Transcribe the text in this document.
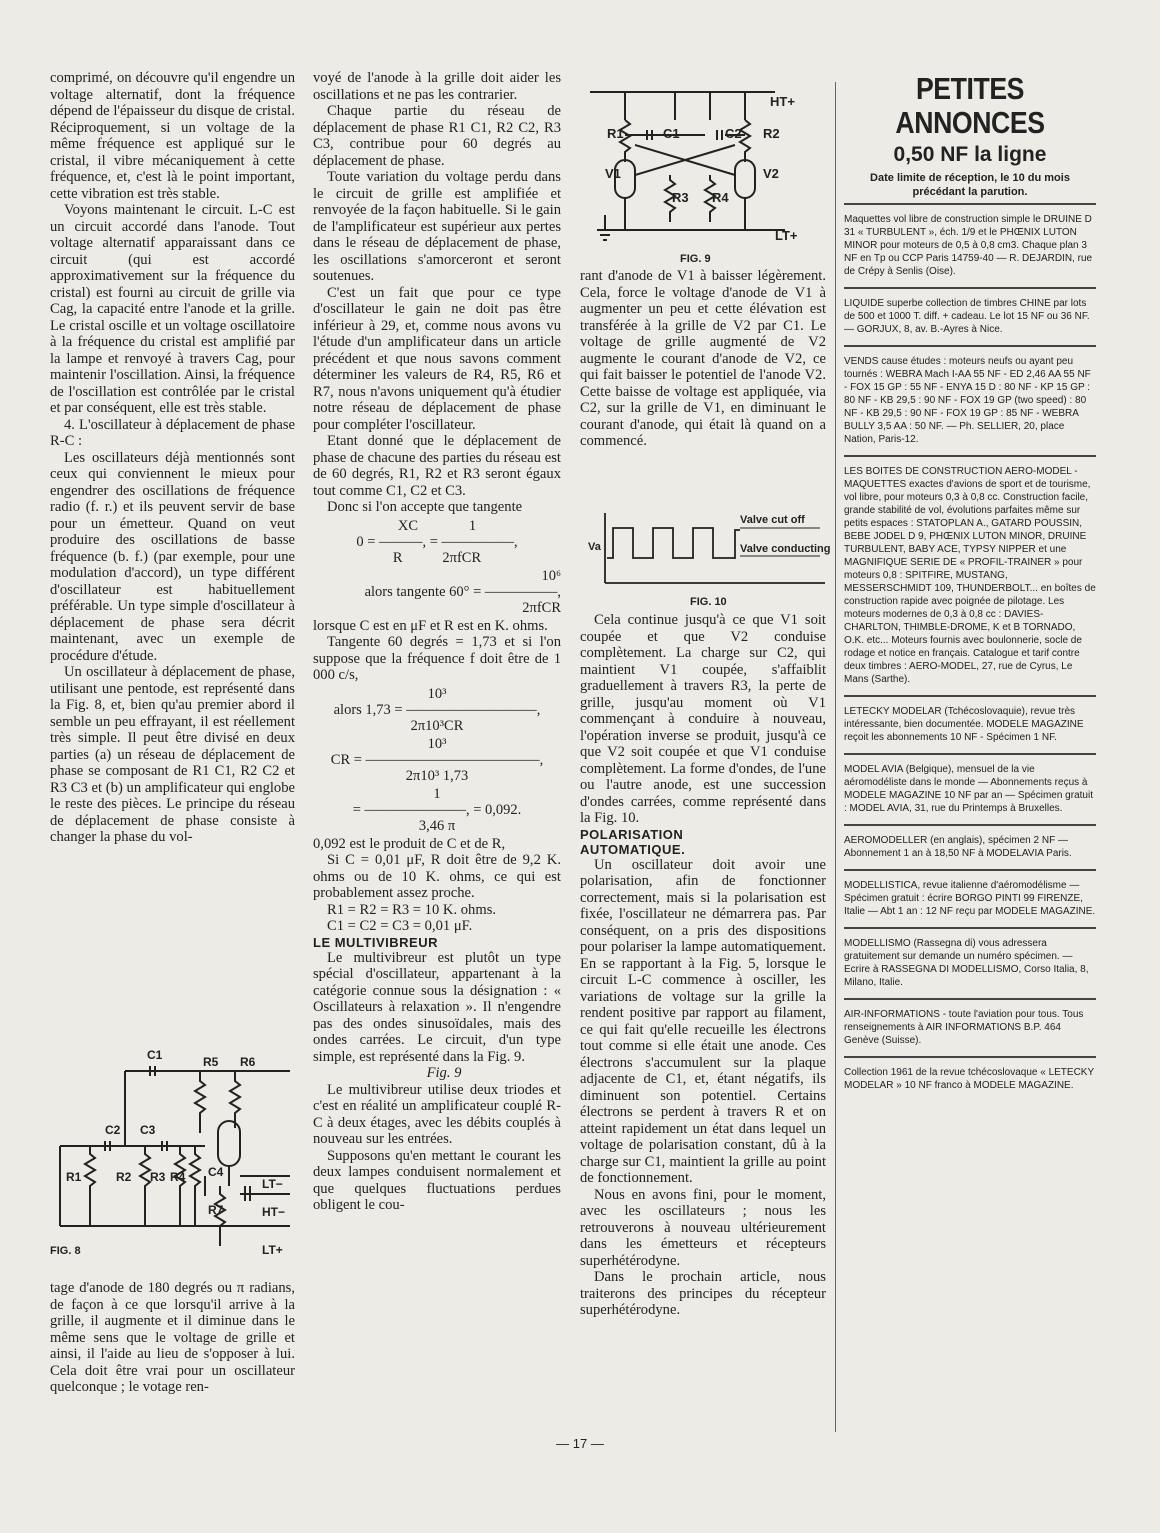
comprimé, on découvre qu'il engendre un voltage alternatif, dont la fréquence dépend de l'épaisseur du disque de cristal. Réciproquement, si un voltage de la même fréquence est appliqué sur le cristal, il vibre mécaniquement à cette fréquence, et, c'est là le point important, cette vibration est très stable.

Voyons maintenant le circuit. L-C est un circuit accordé dans l'anode. Tout voltage alternatif apparaissant dans ce circuit (qui est accordé approximativement sur la fréquence du cristal) est fourni au circuit de grille via Cag, la capacité entre l'anode et la grille. Le cristal oscille et un voltage oscillatoire à la fréquence du cristal est amplifié par la lampe et renvoyé à travers Cag, pour maintenir l'oscillation. Ainsi, la fréquence de l'oscillation est contrôlée par le cristal et par conséquent, elle est très stable.

4. L'oscillateur à déplacement de phase R-C :

Les oscillateurs déjà mentionnés sont ceux qui conviennent le mieux pour engendrer des oscillations de fréquence radio (f. r.) et ils peuvent servir de base pour un émetteur. Quand on veut produire des oscillations de basse fréquence (b. f.) (par exemple, pour une modulation d'accord), un type différent d'oscillateur est habituellement préférable. Un type simple d'oscillateur à déplacement de phase sera décrit maintenant, avec un exemple de procédure d'étude.

Un oscillateur à déplacement de phase, utilisant une pentode, est représenté dans la Fig. 8, et, bien qu'au premier abord il semble un peu effrayant, il est réellement très simple. Il peut être divisé en deux parties (a) un réseau de déplacement de phase se composant de R1 C1, R2 C2 et R3 C3 et (b) un amplificateur qui englobe le reste des pièces. Le principe du réseau de déplacement de phase consiste à changer la phase du vol-

C1	R5 R6
C2 C3
R1	R2 R3 R4 C4
R7
LT−
HT−
LT+
FIG. 8

tage d'anode de 180 degrés ou π radians, de façon à ce que lorsqu'il arrive à la grille, il augmente et il diminue dans le même sens que le voltage de grille et ainsi, il l'aide au lieu de s'opposer à lui. Cela doit être vrai pour un oscillateur quelconque ; le votage ren-

voyé de l'anode à la grille doit aider les oscillations et ne pas les contrarier.

Chaque partie du réseau de déplacement de phase R1 C1, R2 C2, R3 C3, contribue pour 60 degrés au déplacement de phase.

Toute variation du voltage perdu dans le circuit de grille est amplifiée et renvoyée de la façon habituelle. Si le gain de l'amplificateur est supérieur aux pertes dans le réseau de déplacement de phase, les oscillations s'amorceront et seront soutenues.

C'est un fait que pour ce type d'oscillateur le gain ne doit pas être inférieur à 29, et, comme nous avons vu l'étude d'un amplificateur dans un article précédent et que nous savons comment déterminer les valeurs de R4, R5, R6 et R7, nous n'avons uniquement qu'à étudier notre réseau de déplacement de phase pour compléter l'oscillateur.

Etant donné que le déplacement de phase de chacune des parties du réseau est de 60 degrés, R1, R2 et R3 seront égaux tout comme C1, C2 et C3.

Donc si l'on accepte que tangente

XC              1
0 = ———, = —————,
R           2πfCR
10⁶
alors tangente 60° = —————,
2πfCR

lorsque C est en μF et R est en K. ohms.

Tangente 60 degrés = 1,73 et si l'on suppose que la fréquence f doit être de 1 000 c/s,

10³
alors 1,73 = —————————,
2π10³CR
10³
CR = ————————————,
2π10³ 1,73
1
= ———————, = 0,092.
3,46 π

0,092 est le produit de C et de R,

Si C = 0,01 μF, R doit être de 9,2 K. ohms ou de 10 K. ohms, ce qui est probablement assez proche.

R1 = R2 = R3 = 10 K. ohms.

C1 = C2 = C3 = 0,01 μF.

LE MULTIVIBREUR

Le multivibreur est plutôt un type spécial d'oscillateur, appartenant à la catégorie connue sous la désignation : « Oscillateurs à relaxation ». Il n'engendre pas des ondes sinusoïdales, mais des ondes carrées. Le circuit, d'un type simple, est représenté dans la Fig. 9.

Fig. 9

Le multivibreur utilise deux triodes et c'est en réalité un amplificateur couplé R-C à deux étages, avec les débits couplés à nouveau sur les entrées.

Supposons qu'en mettant le courant les deux lampes conduisent normalement et que quelques fluctuations perdues obligent le cou-

HT+
R1	C1	C2 R2
V1	V2
R3 R4
LT+
FIG. 9

rant d'anode de V1 à baisser légèrement. Cela, force le voltage d'anode de V1 à augmenter un peu et cette élévation est transférée à la grille de V2 par C1. Le voltage de grille augmenté de V2 augmente le courant d'anode de V2, ce qui fait baisser le potentiel de l'anode V2. Cette baisse de voltage est appliquée, via C2, sur la grille de V1, en diminuant le courant d'anode, qui était là quand on a commencé.

Va
Valve cut off
Valve conducting
FIG. 10

Cela continue jusqu'à ce que V1 soit coupée et que V2 conduise complètement. La charge sur C2, qui maintient V1 coupée, s'affaiblit graduellement à travers R3, la perte de grille, jusqu'au moment où V1 commençant à conduire à nouveau, l'opération inverse se produit, jusqu'à ce que V2 soit coupée et que V1 conduise complètement. La forme d'ondes, de l'une ou l'autre anode, est une succession d'ondes carrées, comme représenté dans la Fig. 10.

POLARISATION

AUTOMATIQUE.

Un oscillateur doit avoir une polarisation, afin de fonctionner correctement, mais si la polarisation est fixée, l'oscillateur ne démarrera pas. Par conséquent, on a pris des dispositions pour polariser la lampe automatiquement. En se rapportant à la Fig. 5, lorsque le circuit L-C commence à osciller, les variations de voltage sur la grille la rendent positive par rapport au filament, ce qui fait qu'elle recueille les électrons tout comme si elle était une anode. Ces électrons s'accumulent sur la plaque adjacente de C1, et, étant négatifs, ils diminuent son potentiel. Certains électrons se perdent à travers R et on atteint rapidement un état dans lequel un voltage de polarisation constant, dû à la charge sur C1, maintient la grille au point de fonctionnement.

Nous en avons fini, pour le moment, avec les oscillateurs ; nous les retrouverons à nouveau ultérieurement dans les émetteurs et récepteurs superhétérodyne.

Dans le prochain article, nous traiterons des principes du récepteur superhétérodyne.

PETITES ANNONCES

0,50 NF la ligne

Date limite de réception, le 10 du mois précédant la parution.

Maquettes vol libre de construction simple le DRUINE D 31 « TURBULENT », éch. 1/9 et le PHŒNIX LUTON MINOR pour moteurs de 0,5 à 0,8 cm3. Chaque plan 3 NF en Tp ou CCP Paris 14759-40 — R. DEJARDIN, rue de Crépy à Senlis (Oise).

LIQUIDE superbe collection de timbres CHINE par lots de 500 et 1000 T. diff. + cadeau. Le lot 15 NF ou 36 NF. — GORJUX, 8, av. B.-Ayres à Nice.

VENDS cause études : moteurs neufs ou ayant peu tournés : WEBRA Mach I-AA 55 NF - ED 2,46 AA 55 NF - FOX 15 GP : 55 NF - ENYA 15 D : 80 NF - KP 15 GP : 80 NF - KB 29,5 : 90 NF - FOX 19 GP (two speed) : 80 NF - KB 29,5 : 90 NF - FOX 19 GP : 85 NF - WEBRA BULLY 3,5 AA : 50 NF. — Ph. SELLIER, 20, place Nation, Paris-12.

LES BOITES DE CONSTRUCTION AERO-MODEL - MAQUETTES exactes d'avions de sport et de tourisme, vol libre, pour moteurs 0,3 à 0,8 cc. Construction facile, grande stabilité de vol, évolutions parfaites même sur petits espaces : STATOPLAN A., GATARD POUSSIN, BEBE JODEL D 9, PHŒNIX LUTON MINOR, DRUINE TURBULENT, BABY ACE, TYPSY NIPPER et une MAGNIFIQUE SERIE DE « PROFIL-TRAINER » pour moteurs 0,8 : SPITFIRE, MUSTANG, MESSERSCHMIDT 109, THUNDERBOLT... en boîtes de construction rapide avec poignée de pilotage. Les moteurs modernes de 0,3 à 0,8 cc : DAVIES-CHARLTON, THIMBLE-DROME, K et B TORNADO, O.K. etc... Moteurs fournis avec boulonnerie, socle de rodage et notice en français. Catalogue et tarif contre deux timbres : AERO-MODEL, 27, rue de Cyrus, Le Mans (Sarthe).

LETECKY MODELAR (Tchécoslovaquie), revue très intéressante, bien documentée. MODELE MAGAZINE reçoit les abonnements 10 NF - Spécimen 1 NF.

MODEL AVIA (Belgique), mensuel de la vie aéromodéliste dans le monde — Abonnements reçus à MODELE MAGAZINE 10 NF par an — Spécimen gratuit : MODEL AVIA, 31, rue du Printemps à Bruxelles.

AEROMODELLER (en anglais), spécimen 2 NF — Abonnement 1 an à 18,50 NF à MODELAVIA Paris.

MODELLISTICA, revue italienne d'aéromodélisme — Spécimen gratuit : écrire BORGO PINTI 99 FIRENZE, Italie — Abt 1 an : 12 NF reçu par MODELE MAGAZINE.

MODELLISMO (Rassegna di) vous adressera gratuitement sur demande un numéro spécimen. — Ecrire à RASSEGNA DI MODELLISMO, Corso Italia, 8, Milano, Italie.

AIR-INFORMATIONS - toute l'aviation pour tous. Tous renseignements à AIR INFORMATIONS B.P. 464 Genève (Suisse).

Collection 1961 de la revue tchécoslovaque « LETECKY MODELAR » 10 NF franco à MODELE MAGAZINE.

— 17 —
